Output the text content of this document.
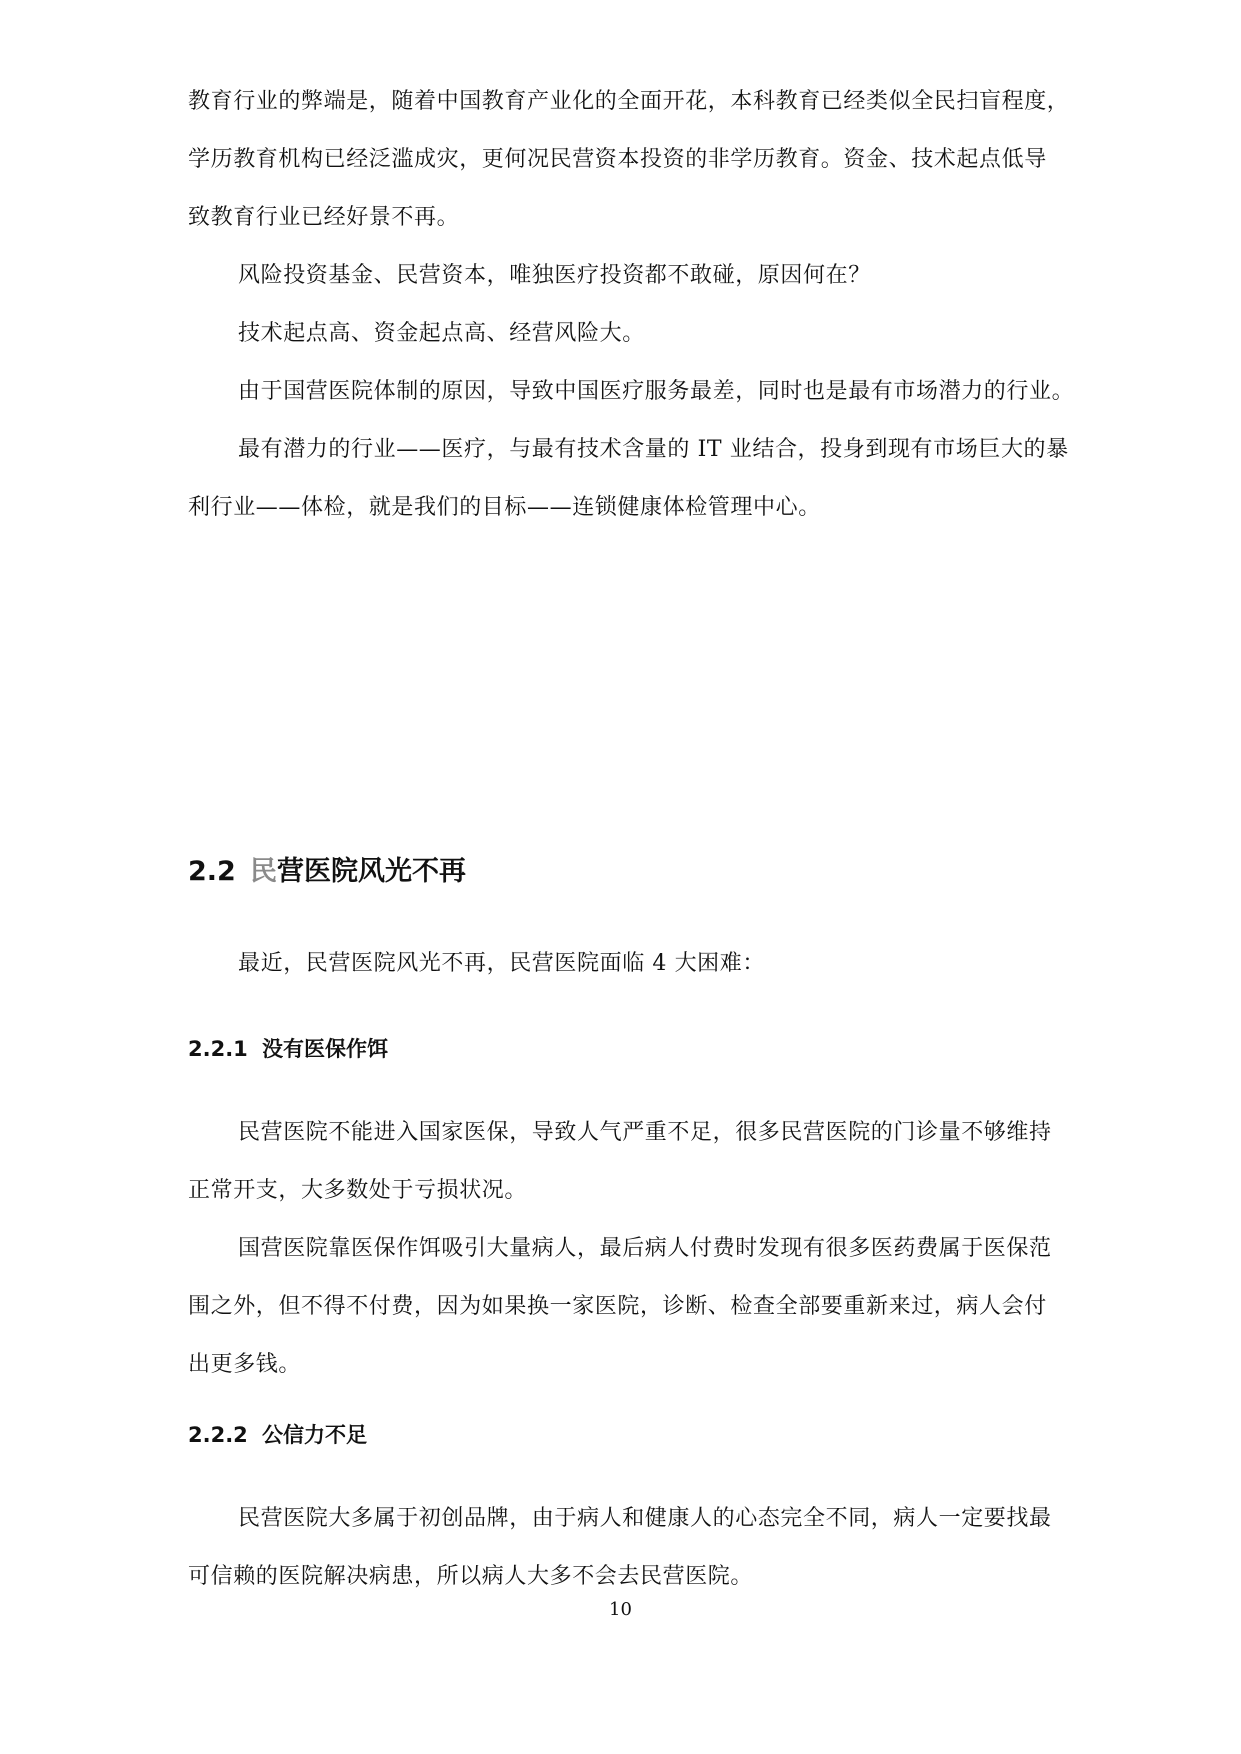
教育行业的弊端是，随着中国教育产业化的全面开花，本科教育已经类似全民扫盲程度，

学历教育机构已经泛滥成灾，更何况民营资本投资的非学历教育。资金、技术起点低导

致教育行业已经好景不再。

风险投资基金、民营资本，唯独医疗投资都不敢碰，原因何在？

技术起点高、资金起点高、经营风险大。

由于国营医院体制的原因，导致中国医疗服务最差，同时也是最有市场潜力的行业。

最有潜力的行业——医疗，与最有技术含量的 IT 业结合，投身到现有市场巨大的暴

利行业——体检，就是我们的目标——连锁健康体检管理中心。

2.2 民营医院风光不再

最近，民营医院风光不再，民营医院面临 4 大困难：

2.2.1 没有医保作饵

民营医院不能进入国家医保，导致人气严重不足，很多民营医院的门诊量不够维持

正常开支，大多数处于亏损状况。

国营医院靠医保作饵吸引大量病人，最后病人付费时发现有很多医药费属于医保范

围之外，但不得不付费，因为如果换一家医院，诊断、检查全部要重新来过，病人会付

出更多钱。

2.2.2 公信力不足

民营医院大多属于初创品牌，由于病人和健康人的心态完全不同，病人一定要找最

可信赖的医院解决病患，所以病人大多不会去民营医院。

10
